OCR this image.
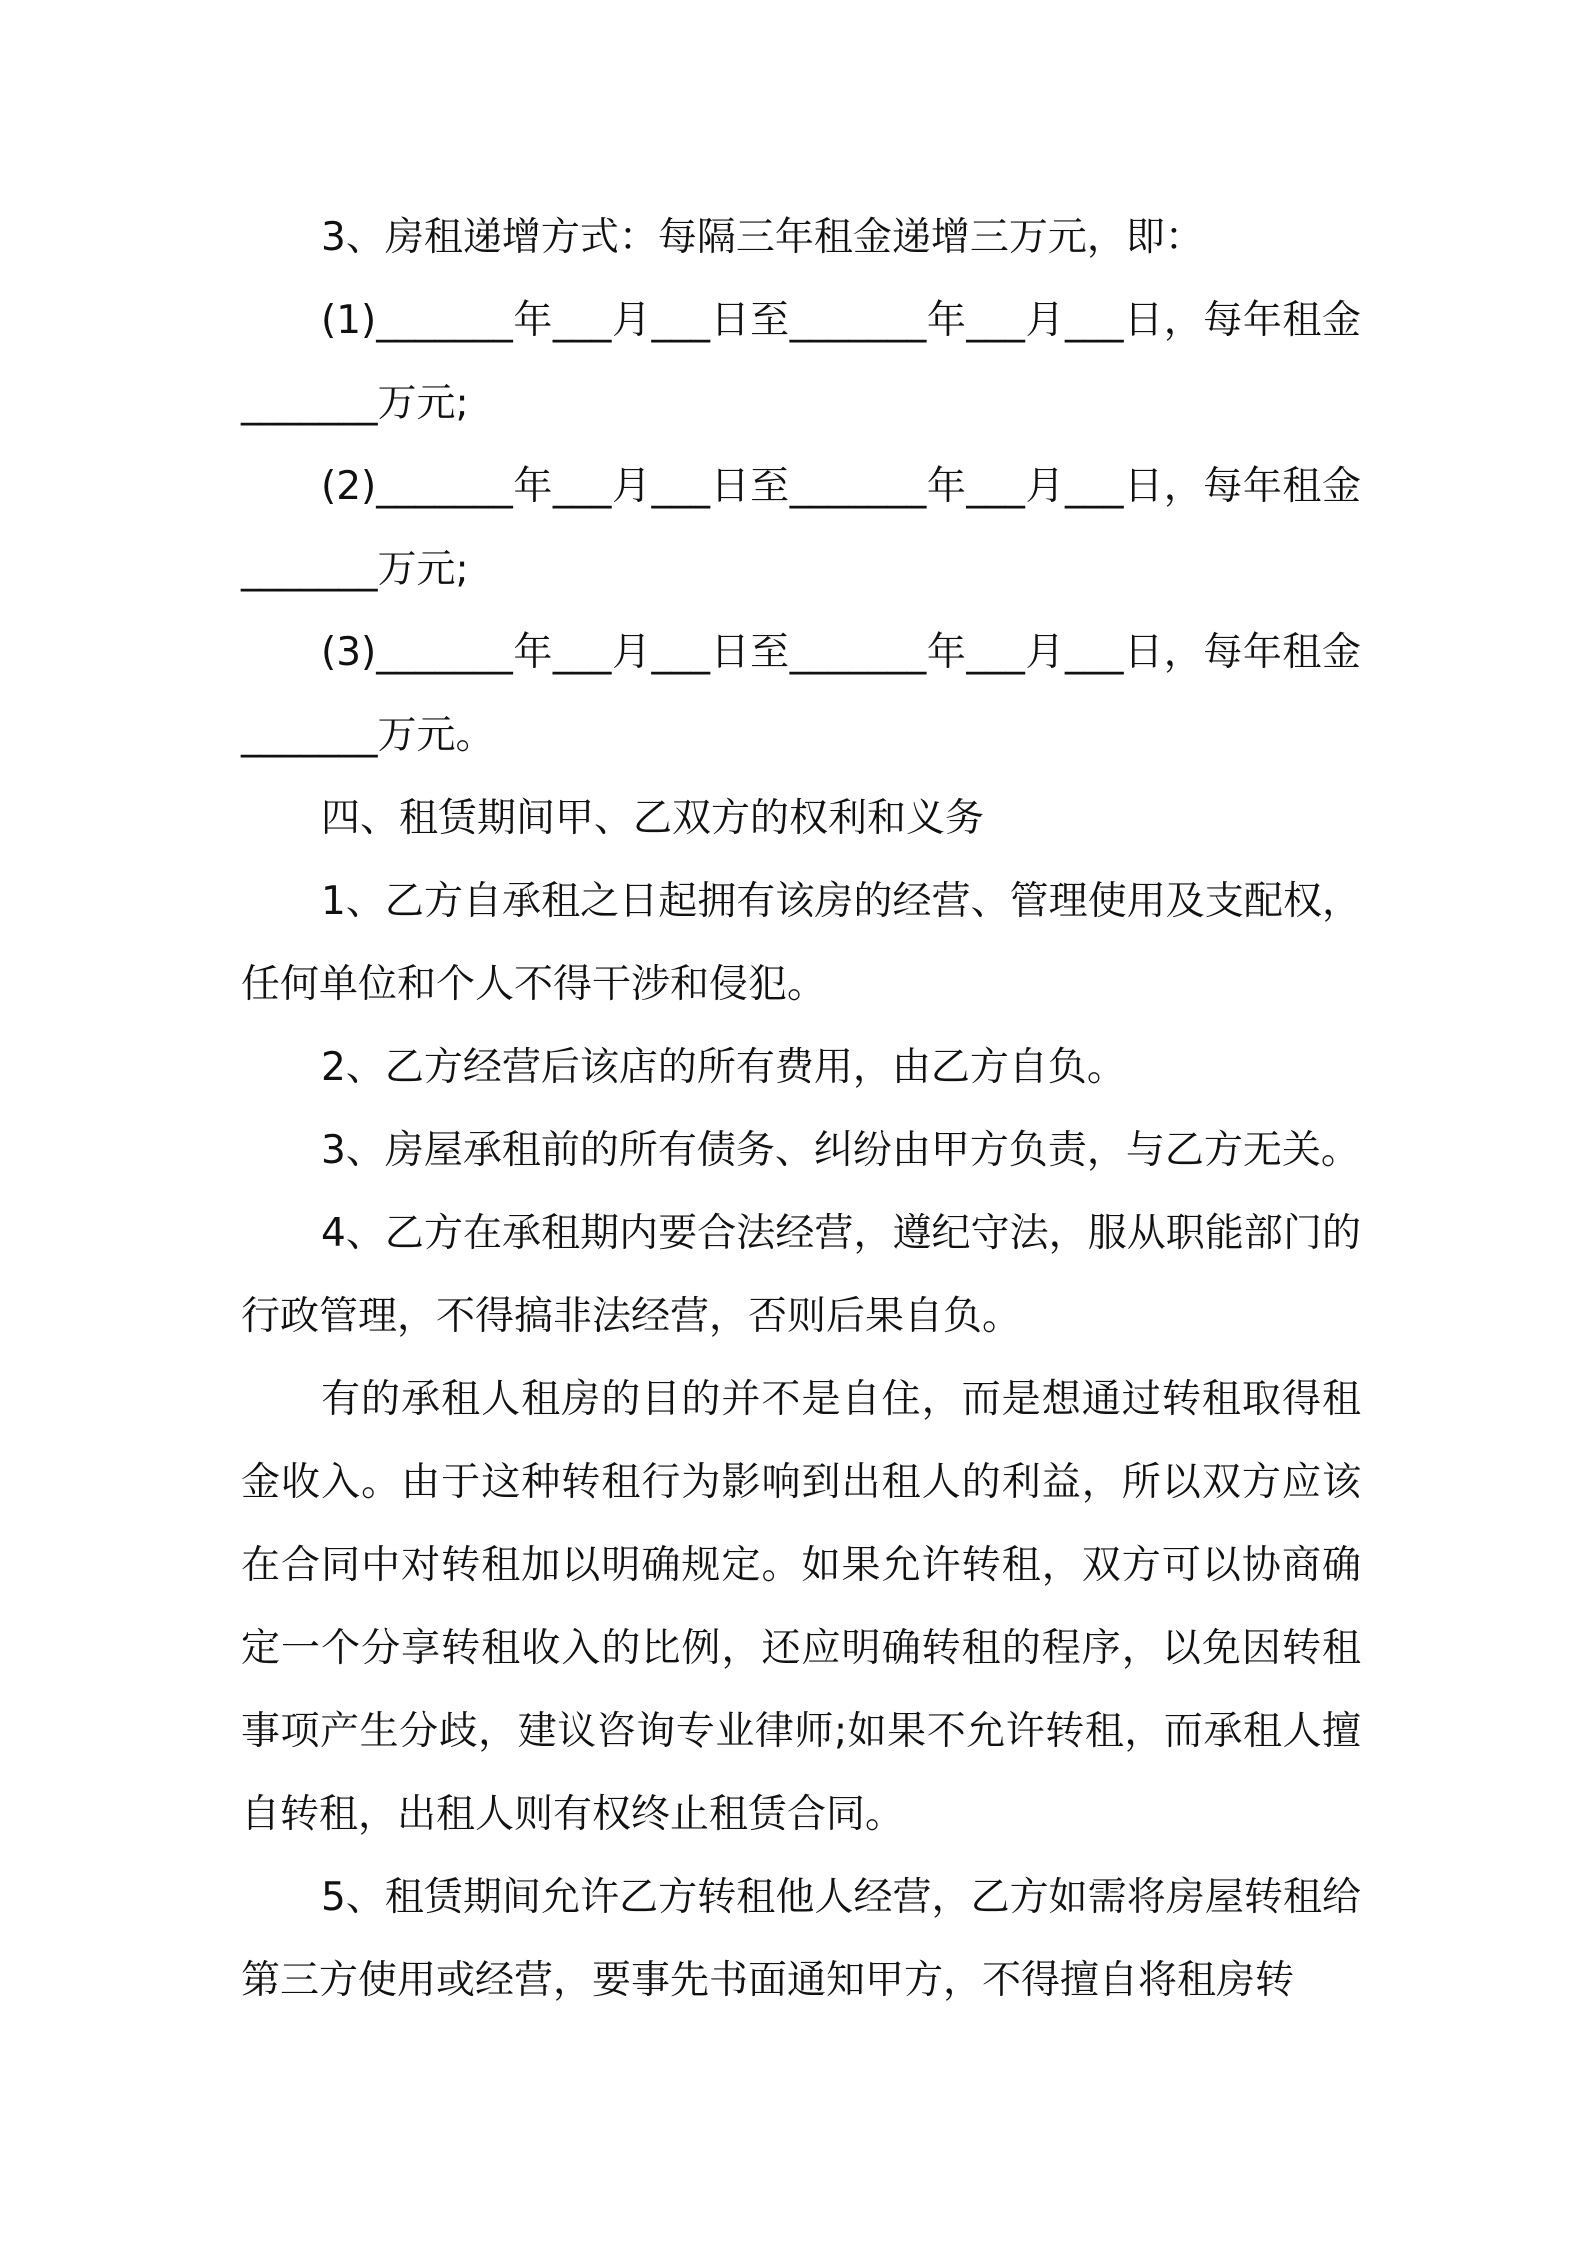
3、房租递增方式：每隔三年租金递增三万元，即：

(1)_______年___月___日至_______年___月___日，每年租金_______万元;

(2)_______年___月___日至_______年___月___日，每年租金_______万元;

(3)_______年___月___日至_______年___月___日，每年租金_______万元。

四、租赁期间甲、乙双方的权利和义务

1、乙方自承租之日起拥有该房的经营、管理使用及支配权，任何单位和个人不得干涉和侵犯。

2、乙方经营后该店的所有费用，由乙方自负。

3、房屋承租前的所有债务、纠纷由甲方负责，与乙方无关。

4、乙方在承租期内要合法经营，遵纪守法，服从职能部门的行政管理，不得搞非法经营，否则后果自负。

有的承租人租房的目的并不是自住，而是想通过转租取得租金收入。由于这种转租行为影响到出租人的利益，所以双方应该在合同中对转租加以明确规定。如果允许转租，双方可以协商确定一个分享转租收入的比例，还应明确转租的程序，以免因转租事项产生分歧，建议咨询专业律师;如果不允许转租，而承租人擅自转租，出租人则有权终止租赁合同。

5、租赁期间允许乙方转租他人经营，乙方如需将房屋转租给第三方使用或经营，要事先书面通知甲方，不得擅自将租房转
